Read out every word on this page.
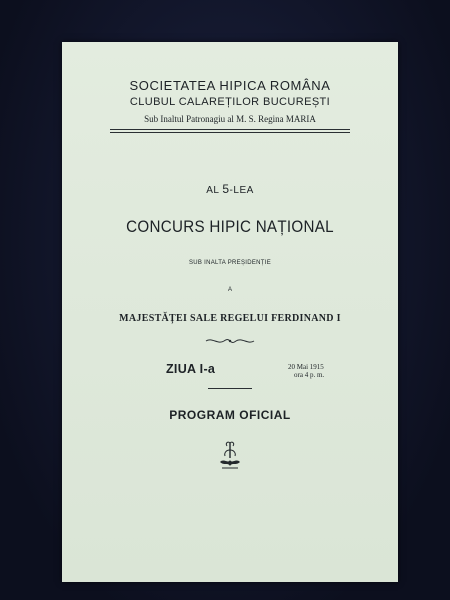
SOCIETATEA HIPICA ROMÂNA
CLUBUL CALAREȚILOR BUCUREȘTI
Sub Inaltul Patronagiu al M. S. Regina MARIA
AL 5-LEA
CONCURS HIPIC NAȚIONAL
SUB INALTA PREȘIDENȚIE
A
MAJESTĂȚEI SALE REGELUI FERDINAND I
ZIUA I-a	20 Mai 1915
ora 4 p. m.
PROGRAM OFICIAL
